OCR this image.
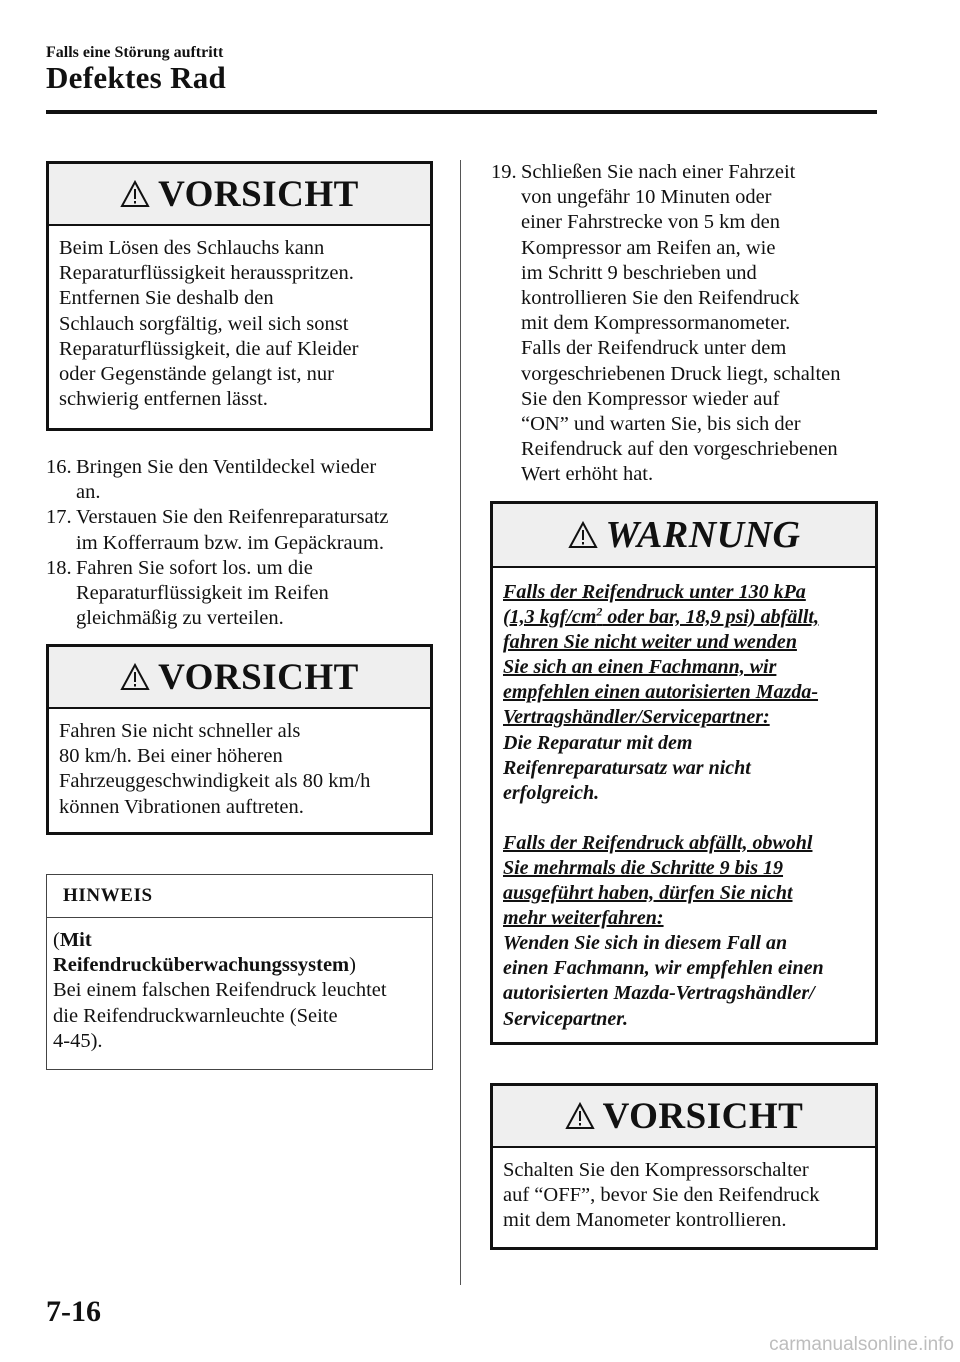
Falls eine Störung auftritt
Defektes Rad
VORSICHT
Beim Lösen des Schlauchs kann
Reparaturflüssigkeit herausspritzen.
Entfernen Sie deshalb den
Schlauch sorgfältig, weil sich sonst
Reparaturflüssigkeit, die auf Kleider
oder Gegenstände gelangt ist, nur
schwierig entfernen lässt.
16. Bringen Sie den Ventildeckel wieder
an.
17. Verstauen Sie den Reifenreparatursatz
im Kofferraum bzw. im Gepäckraum.
18. Fahren Sie sofort los. um die
Reparaturflüssigkeit im Reifen
gleichmäßig zu verteilen.
VORSICHT
Fahren Sie nicht schneller als
80 km/h. Bei einer höheren
Fahrzeuggeschwindigkeit als 80 km/h
können Vibrationen auftreten.
HINWEIS
(Mit
Reifendrucküberwachungssystem)
Bei einem falschen Reifendruck leuchtet
die Reifendruckwarnleuchte (Seite
4-45).
19. Schließen Sie nach einer Fahrzeit
von ungefähr 10 Minuten oder
einer Fahrstrecke von 5 km den
Kompressor am Reifen an, wie
im Schritt 9 beschrieben und
kontrollieren Sie den Reifendruck
mit dem Kompressormanometer.
Falls der Reifendruck unter dem
vorgeschriebenen Druck liegt, schalten
Sie den Kompressor wieder auf
“ON” und warten Sie, bis sich der
Reifendruck auf den vorgeschriebenen
Wert erhöht hat.
WARNUNG
Falls der Reifendruck unter 130 kPa
(1,3 kgf/$cm^2$ oder bar, 18,9 psi) abfällt,
fahren Sie nicht weiter und wenden
Sie sich an einen Fachmann, wir
empfehlen einen autorisierten Mazda-
Vertragshändler/Servicepartner:
Die Reparatur mit dem
Reifenreparatursatz war nicht
erfolgreich.
Falls der Reifendruck abfällt, obwohl
Sie mehrmals die Schritte 9 bis 19
ausgeführt haben, dürfen Sie nicht
mehr weiterfahren:
Wenden Sie sich in diesem Fall an
einen Fachmann, wir empfehlen einen
autorisierten Mazda-Vertragshändler/
Servicepartner.
VORSICHT
Schalten Sie den Kompressorschalter
auf “OFF”, bevor Sie den Reifendruck
mit dem Manometer kontrollieren.
7-16
carmanualsonline.info
